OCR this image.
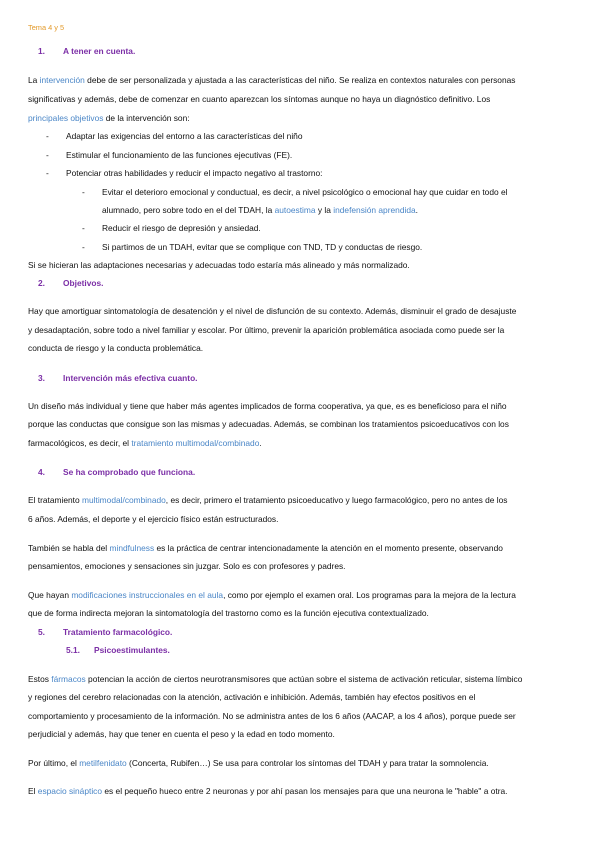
Tema 4 y 5
1. A tener en cuenta.
La intervención debe de ser personalizada y ajustada a las características del niño. Se realiza en contextos naturales con personas
significativas y además, debe de comenzar en cuanto aparezcan los síntomas aunque no haya un diagnóstico definitivo. Los
principales objetivos de la intervención son:
- Adaptar las exigencias del entorno a las características del niño
- Estimular el funcionamiento de las funciones ejecutivas (FE).
- Potenciar otras habilidades y reducir el impacto negativo al trastorno:
- Evitar el deterioro emocional y conductual, es decir, a nivel psicológico o emocional hay que cuidar en todo el
alumnado, pero sobre todo en el del TDAH, la autoestima y la indefensión aprendida.
- Reducir el riesgo de depresión y ansiedad.
- Si partimos de un TDAH, evitar que se complique con TND, TD y conductas de riesgo.
Si se hicieran las adaptaciones necesarias y adecuadas todo estaría más alineado y más normalizado.
2. Objetivos.
Hay que amortiguar sintomatología de desatención y el nivel de disfunción de su contexto. Además, disminuir el grado de desajuste
y desadaptación, sobre todo a nivel familiar y escolar. Por último, prevenir la aparición problemática asociada como puede ser la
conducta de riesgo y la conducta problemática.
3. Intervención más efectiva cuanto.
Un diseño más individual y tiene que haber más agentes implicados de forma cooperativa, ya que, es es beneficioso para el niño
porque las conductas que consigue son las mismas y adecuadas. Además, se combinan los tratamientos psicoeducativos con los
farmacológicos, es decir, el tratamiento multimodal/combinado.
4. Se ha comprobado que funciona.
El tratamiento multimodal/combinado, es decir, primero el tratamiento psicoeducativo y luego farmacológico, pero no antes de los
6 años. Además, el deporte y el ejercicio físico están estructurados.
También se habla del mindfulness es la práctica de centrar intencionadamente la atención en el momento presente, observando
pensamientos, emociones y sensaciones sin juzgar. Solo es con profesores y padres.
Que hayan modificaciones instruccionales en el aula, como por ejemplo el examen oral. Los programas para la mejora de la lectura
que de forma indirecta mejoran la sintomatología del trastorno como es la función ejecutiva contextualizado.
5. Tratamiento farmacológico.
5.1. Psicoestimulantes.
Estos fármacos potencian la acción de ciertos neurotransmisores que actúan sobre el sistema de activación reticular, sistema límbico
y regiones del cerebro relacionadas con la atención, activación e inhibición. Además, también hay efectos positivos en el
comportamiento y procesamiento de la información. No se administra antes de los 6 años (AACAP, a los 4 años), porque puede ser
perjudicial y además, hay que tener en cuenta el peso y la edad en todo momento.
Por último, el metilfenidato (Concerta, Rubifen…) Se usa para controlar los síntomas del TDAH y para tratar la somnolencia.
El espacio sináptico es el pequeño hueco entre 2 neuronas y por ahí pasan los mensajes para que una neurona le "hable" a otra.
